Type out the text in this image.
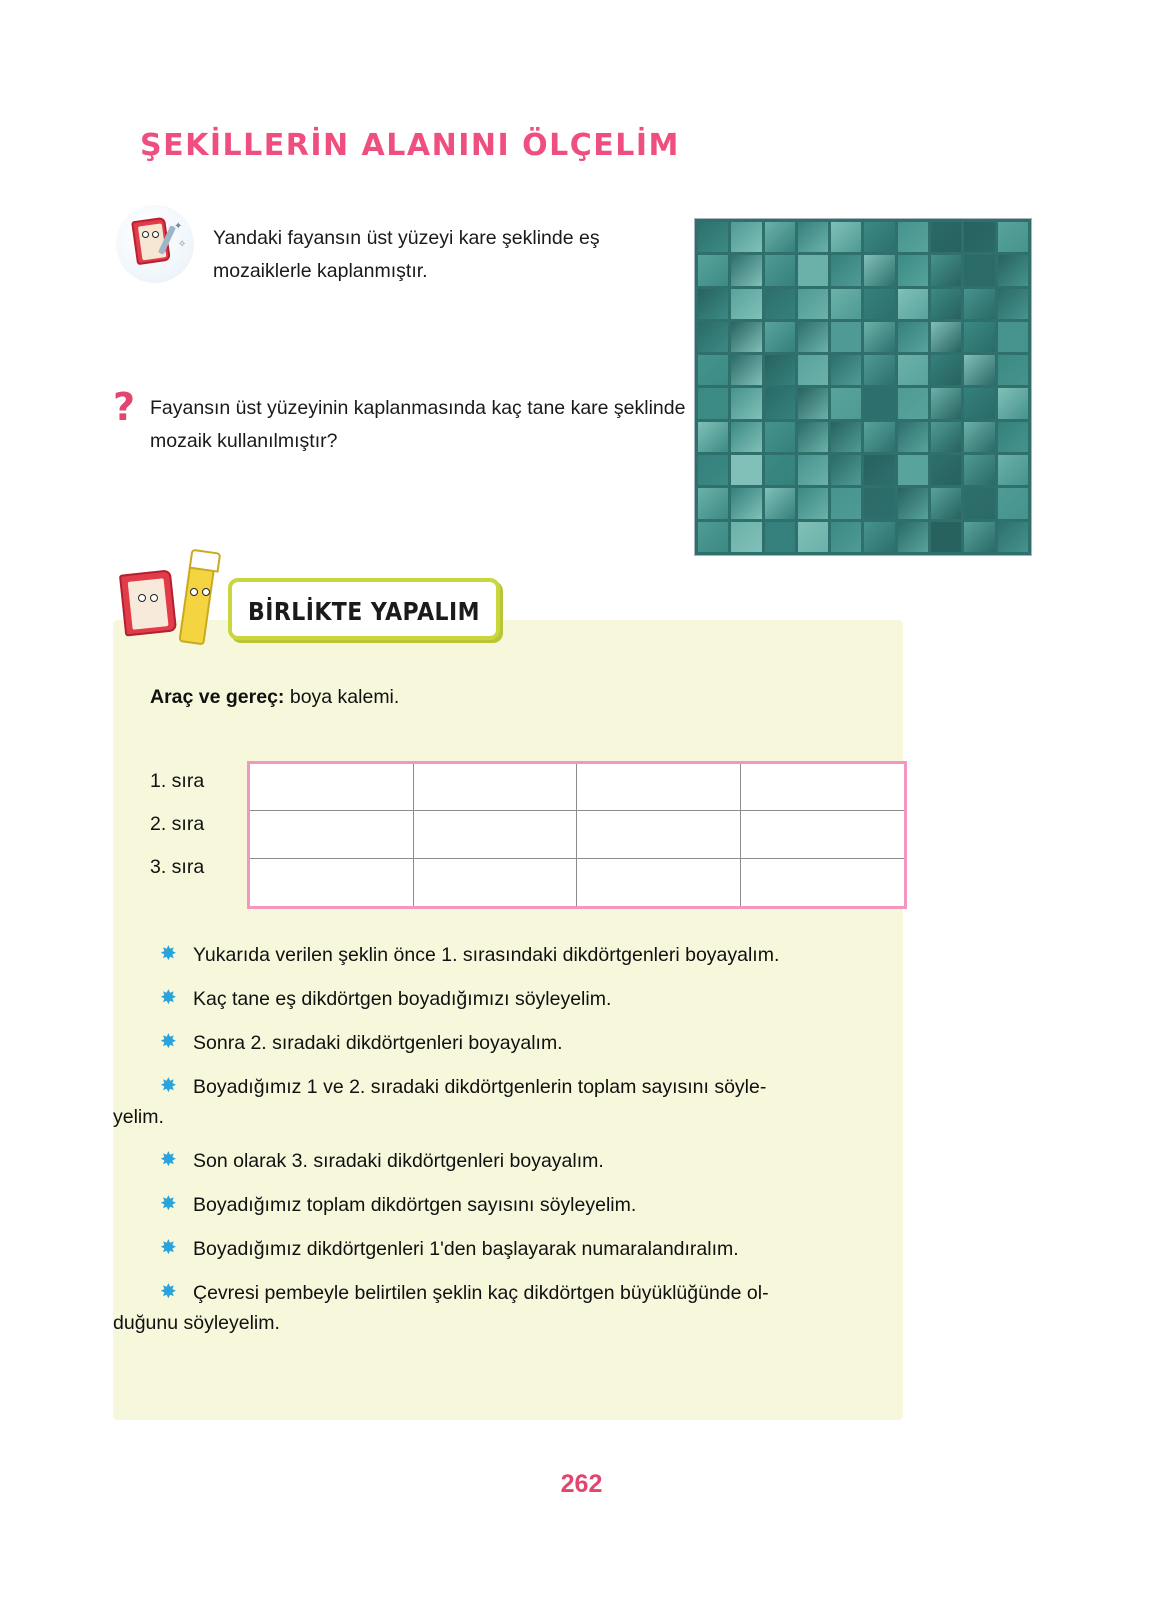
ŞEKİLLERİN ALANINI ÖLÇELİM
✦
✧ Yandaki fayansın üst yüzeyi kare şeklinde eş mozaiklerle kaplanmıştır.
? Fayansın üst yüzeyinin kaplanmasında kaç tane kare şeklinde mozaik kullanılmıştır?
BİRLİKTE YAPALIM
Araç ve gereç: boya kalemi.
1. sıra
2. sıra
3. sıra
✸ Yukarıda verilen şeklin önce 1. sırasındaki dikdörtgenleri boyayalım.
✸ Kaç tane eş dikdörtgen boyadığımızı söyleyelim.
✸ Sonra 2. sıradaki dikdörtgenleri boyayalım.
✸ Boyadığımız 1 ve 2. sıradaki dikdörtgenlerin toplam sayısını söyle-
yelim.
✸ Son olarak 3. sıradaki dikdörtgenleri boyayalım.
✸ Boyadığımız toplam dikdörtgen sayısını söyleyelim.
✸ Boyadığımız dikdörtgenleri 1'den başlayarak numaralandıralım.
✸ Çevresi pembeyle belirtilen şeklin kaç dikdörtgen büyüklüğünde ol-
duğunu söyleyelim.
262
